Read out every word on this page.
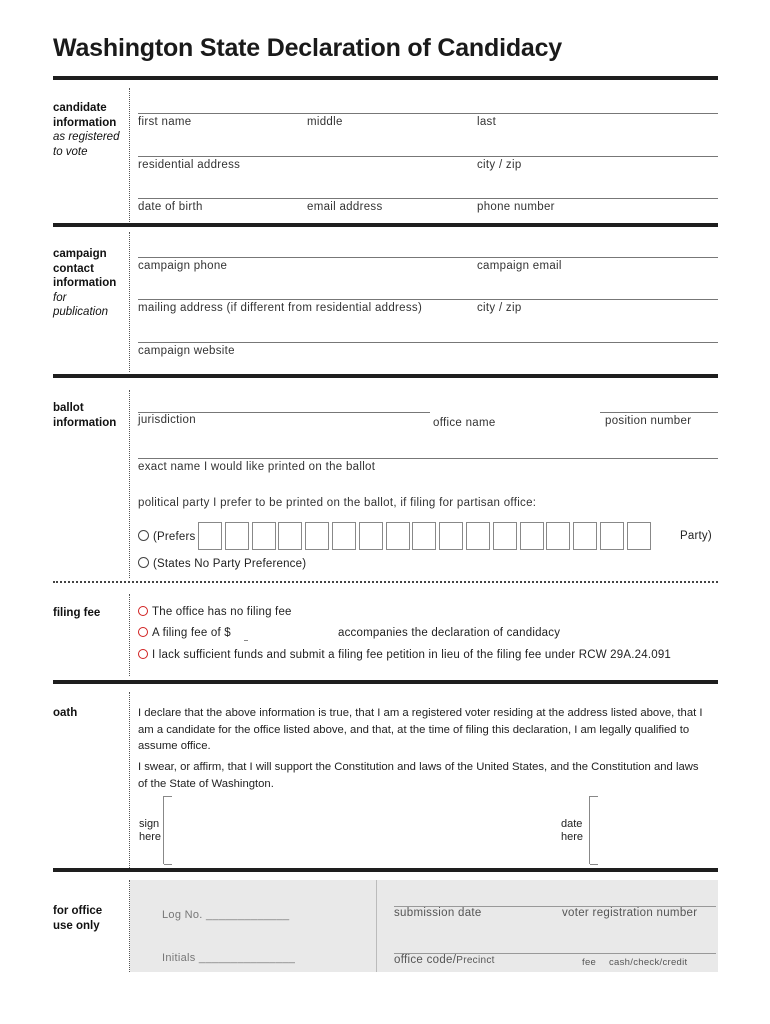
Washington State Declaration of Candidacy
candidate information
as registered to vote
first name	middle	last
residential address	city / zip
date of birth	email address	phone number
campaign contact information
for publication
campaign phone	campaign email
mailing address (if different from residential address)	city / zip
campaign website
ballot information	jurisdiction	office name	position number
exact name I would like printed on the ballot
political party I prefer to be printed on the ballot, if filing for partisan office:
(Prefers	Party)
(States No Party Preference)
filing fee	The office has no filing fee
A filing fee of $	accompanies the declaration of candidacy
I lack sufficient funds and submit a filing fee petition in lieu of the filing fee under RCW 29A.24.091
oath	I declare that the above information is true, that I am a registered voter residing at the address listed above, that I am a candidate for the office listed above, and that, at the time of filing this declaration, I am legally qualified to assume office.
I swear, or affirm, that I will support the Constitution and laws of the United States, and the Constitution and laws of the State of Washington.
sign
here
date
here
for office use only
Log No. _____________
Initials _______________
submission date	voter registration number
office code/Precinct	fee cash/check/credit
